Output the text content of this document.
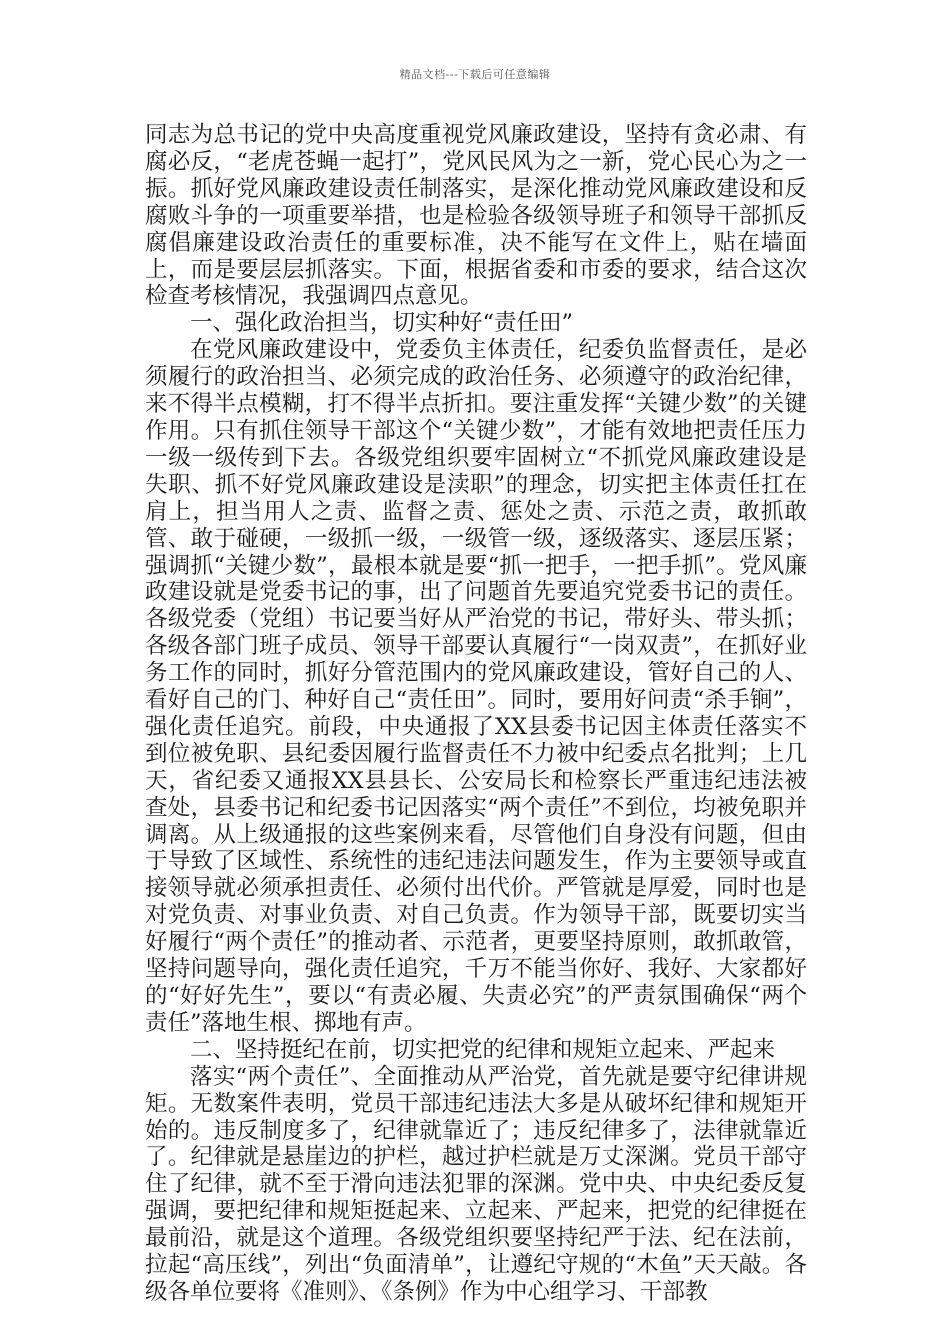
精品文档---下载后可任意编辑

同志为总书记的党中央高度重视党风廉政建设，坚持有贪必肃、有腐必反，“老虎苍蝇一起打”，党风民风为之一新，党心民心为之一振。抓好党风廉政建设责任制落实，是深化推动党风廉政建设和反腐败斗争的一项重要举措，也是检验各级领导班子和领导干部抓反腐倡廉建设政治责任的重要标准，决不能写在文件上，贴在墙面上，而是要层层抓落实。下面，根据省委和市委的要求，结合这次检查考核情况，我强调四点意见。

一、强化政治担当，切实种好“责任田”

在党风廉政建设中，党委负主体责任，纪委负监督责任，是必须履行的政治担当、必须完成的政治任务、必须遵守的政治纪律，来不得半点模糊，打不得半点折扣。要注重发挥“关键少数”的关键作用。只有抓住领导干部这个“关键少数”，才能有效地把责任压力一级一级传到下去。各级党组织要牢固树立“不抓党风廉政建设是失职、抓不好党风廉政建设是渎职”的理念，切实把主体责任扛在肩上，担当用人之责、监督之责、惩处之责、示范之责，敢抓敢管、敢于碰硬，一级抓一级，一级管一级，逐级落实、逐层压紧；强调抓“关键少数”，最根本就是要“抓一把手，一把手抓”。党风廉政建设就是党委书记的事，出了问题首先要追究党委书记的责任。各级党委（党组）书记要当好从严治党的书记，带好头、带头抓；各级各部门班子成员、领导干部要认真履行“一岗双责”，在抓好业务工作的同时，抓好分管范围内的党风廉政建设，管好自己的人、看好自己的门、种好自己“责任田”。同时，要用好问责“杀手锏”，强化责任追究。前段，中央通报了XX县委书记因主体责任落实不到位被免职、县纪委因履行监督责任不力被中纪委点名批判；上几天，省纪委又通报XX县县长、公安局长和检察长严重违纪违法被查处，县委书记和纪委书记因落实“两个责任”不到位，均被免职并调离。从上级通报的这些案例来看，尽管他们自身没有问题，但由于导致了区域性、系统性的违纪违法问题发生，作为主要领导或直接领导就必须承担责任、必须付出代价。严管就是厚爱，同时也是对党负责、对事业负责、对自己负责。作为领导干部，既要切实当好履行“两个责任”的推动者、示范者，更要坚持原则，敢抓敢管，坚持问题导向，强化责任追究，千万不能当你好、我好、大家都好的“好好先生”，要以“有责必履、失责必究”的严责氛围确保“两个责任”落地生根、掷地有声。

二、坚持挺纪在前，切实把党的纪律和规矩立起来、严起来

落实“两个责任”、全面推动从严治党，首先就是要守纪律讲规矩。无数案件表明，党员干部违纪违法大多是从破坏纪律和规矩开始的。违反制度多了，纪律就靠近了；违反纪律多了，法律就靠近了。纪律就是悬崖边的护栏，越过护栏就是万丈深渊。党员干部守住了纪律，就不至于滑向违法犯罪的深渊。党中央、中央纪委反复强调，要把纪律和规矩挺起来、立起来、严起来，把党的纪律挺在最前沿，就是这个道理。各级党组织要坚持纪严于法、纪在法前，拉起“高压线”，列出“负面清单”，让遵纪守规的“木鱼”天天敲。各级各单位要将《准则》、《条例》作为中心组学习、干部教
